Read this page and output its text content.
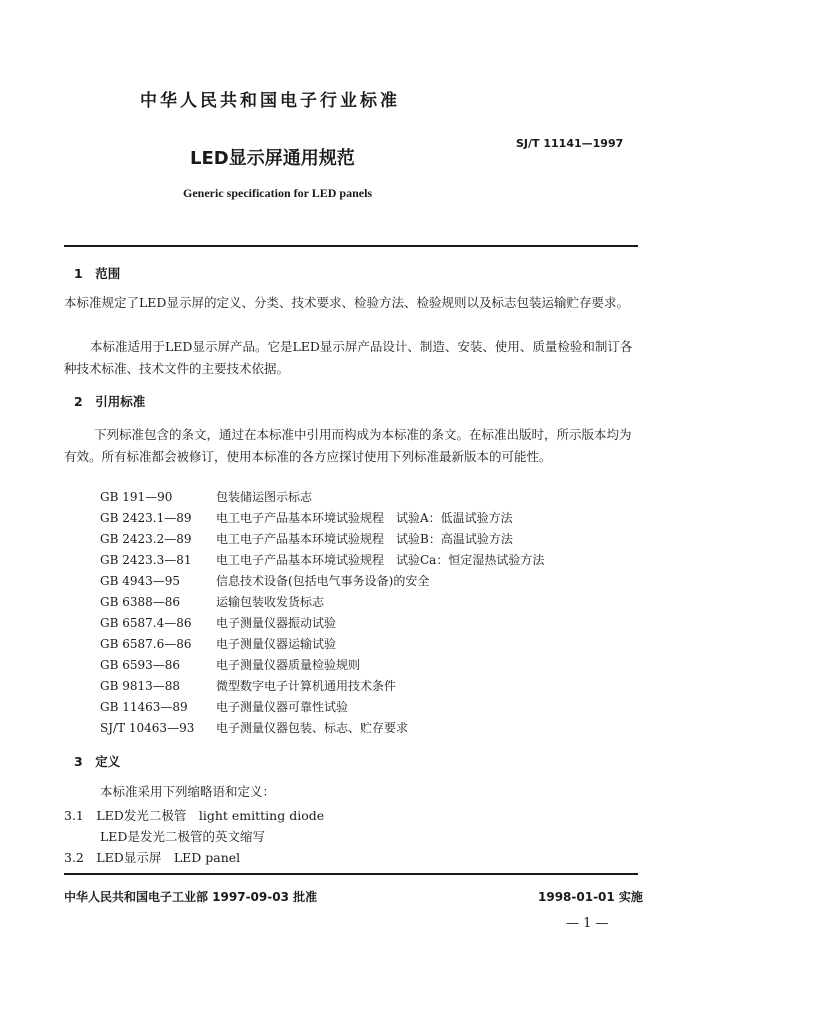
中华人民共和国电子行业标准
LED显示屏通用规范
SJ/T 11141—1997
Generic specification for LED panels
1　范围
本标准规定了LED显示屏的定义、分类、技术要求、检验方法、检验规则以及标志包装运输贮存要求。
本标准适用于LED显示屏产品。它是LED显示屏产品设计、制造、安装、使用、质量检验和制订各种技术标准、技术文件的主要技术依据。
2　引用标准
下列标准包含的条文，通过在本标准中引用而构成为本标准的条文。在标准出版时，所示版本均为有效。所有标准都会被修订，使用本标准的各方应探讨使用下列标准最新版本的可能性。
GB 191—90	包装储运图示标志
GB 2423.1—89 电工电子产品基本环境试验规程　试验A：低温试验方法
GB 2423.2—89 电工电子产品基本环境试验规程　试验B：高温试验方法
GB 2423.3—81 电工电子产品基本环境试验规程　试验Ca：恒定湿热试验方法
GB 4943—95	信息技术设备(包括电气事务设备)的安全
GB 6388—86	运输包装收发货标志
GB 6587.4—86 电子测量仪器振动试验
GB 6587.6—86 电子测量仪器运输试验
GB 6593—86	电子测量仪器质量检验规则
GB 9813—88	微型数字电子计算机通用技术条件
GB 11463—89 电子测量仪器可靠性试验
SJ/T 10463—93 电子测量仪器包装、标志、贮存要求
3　定义
本标准采用下列缩略语和定义：
3.1　LED发光二极管　light emitting diode
LED是发光二极管的英文缩写
3.2　LED显示屏　LED panel
中华人民共和国电子工业部 1997-09-03 批准	1998-01-01 实施
— 1 —
